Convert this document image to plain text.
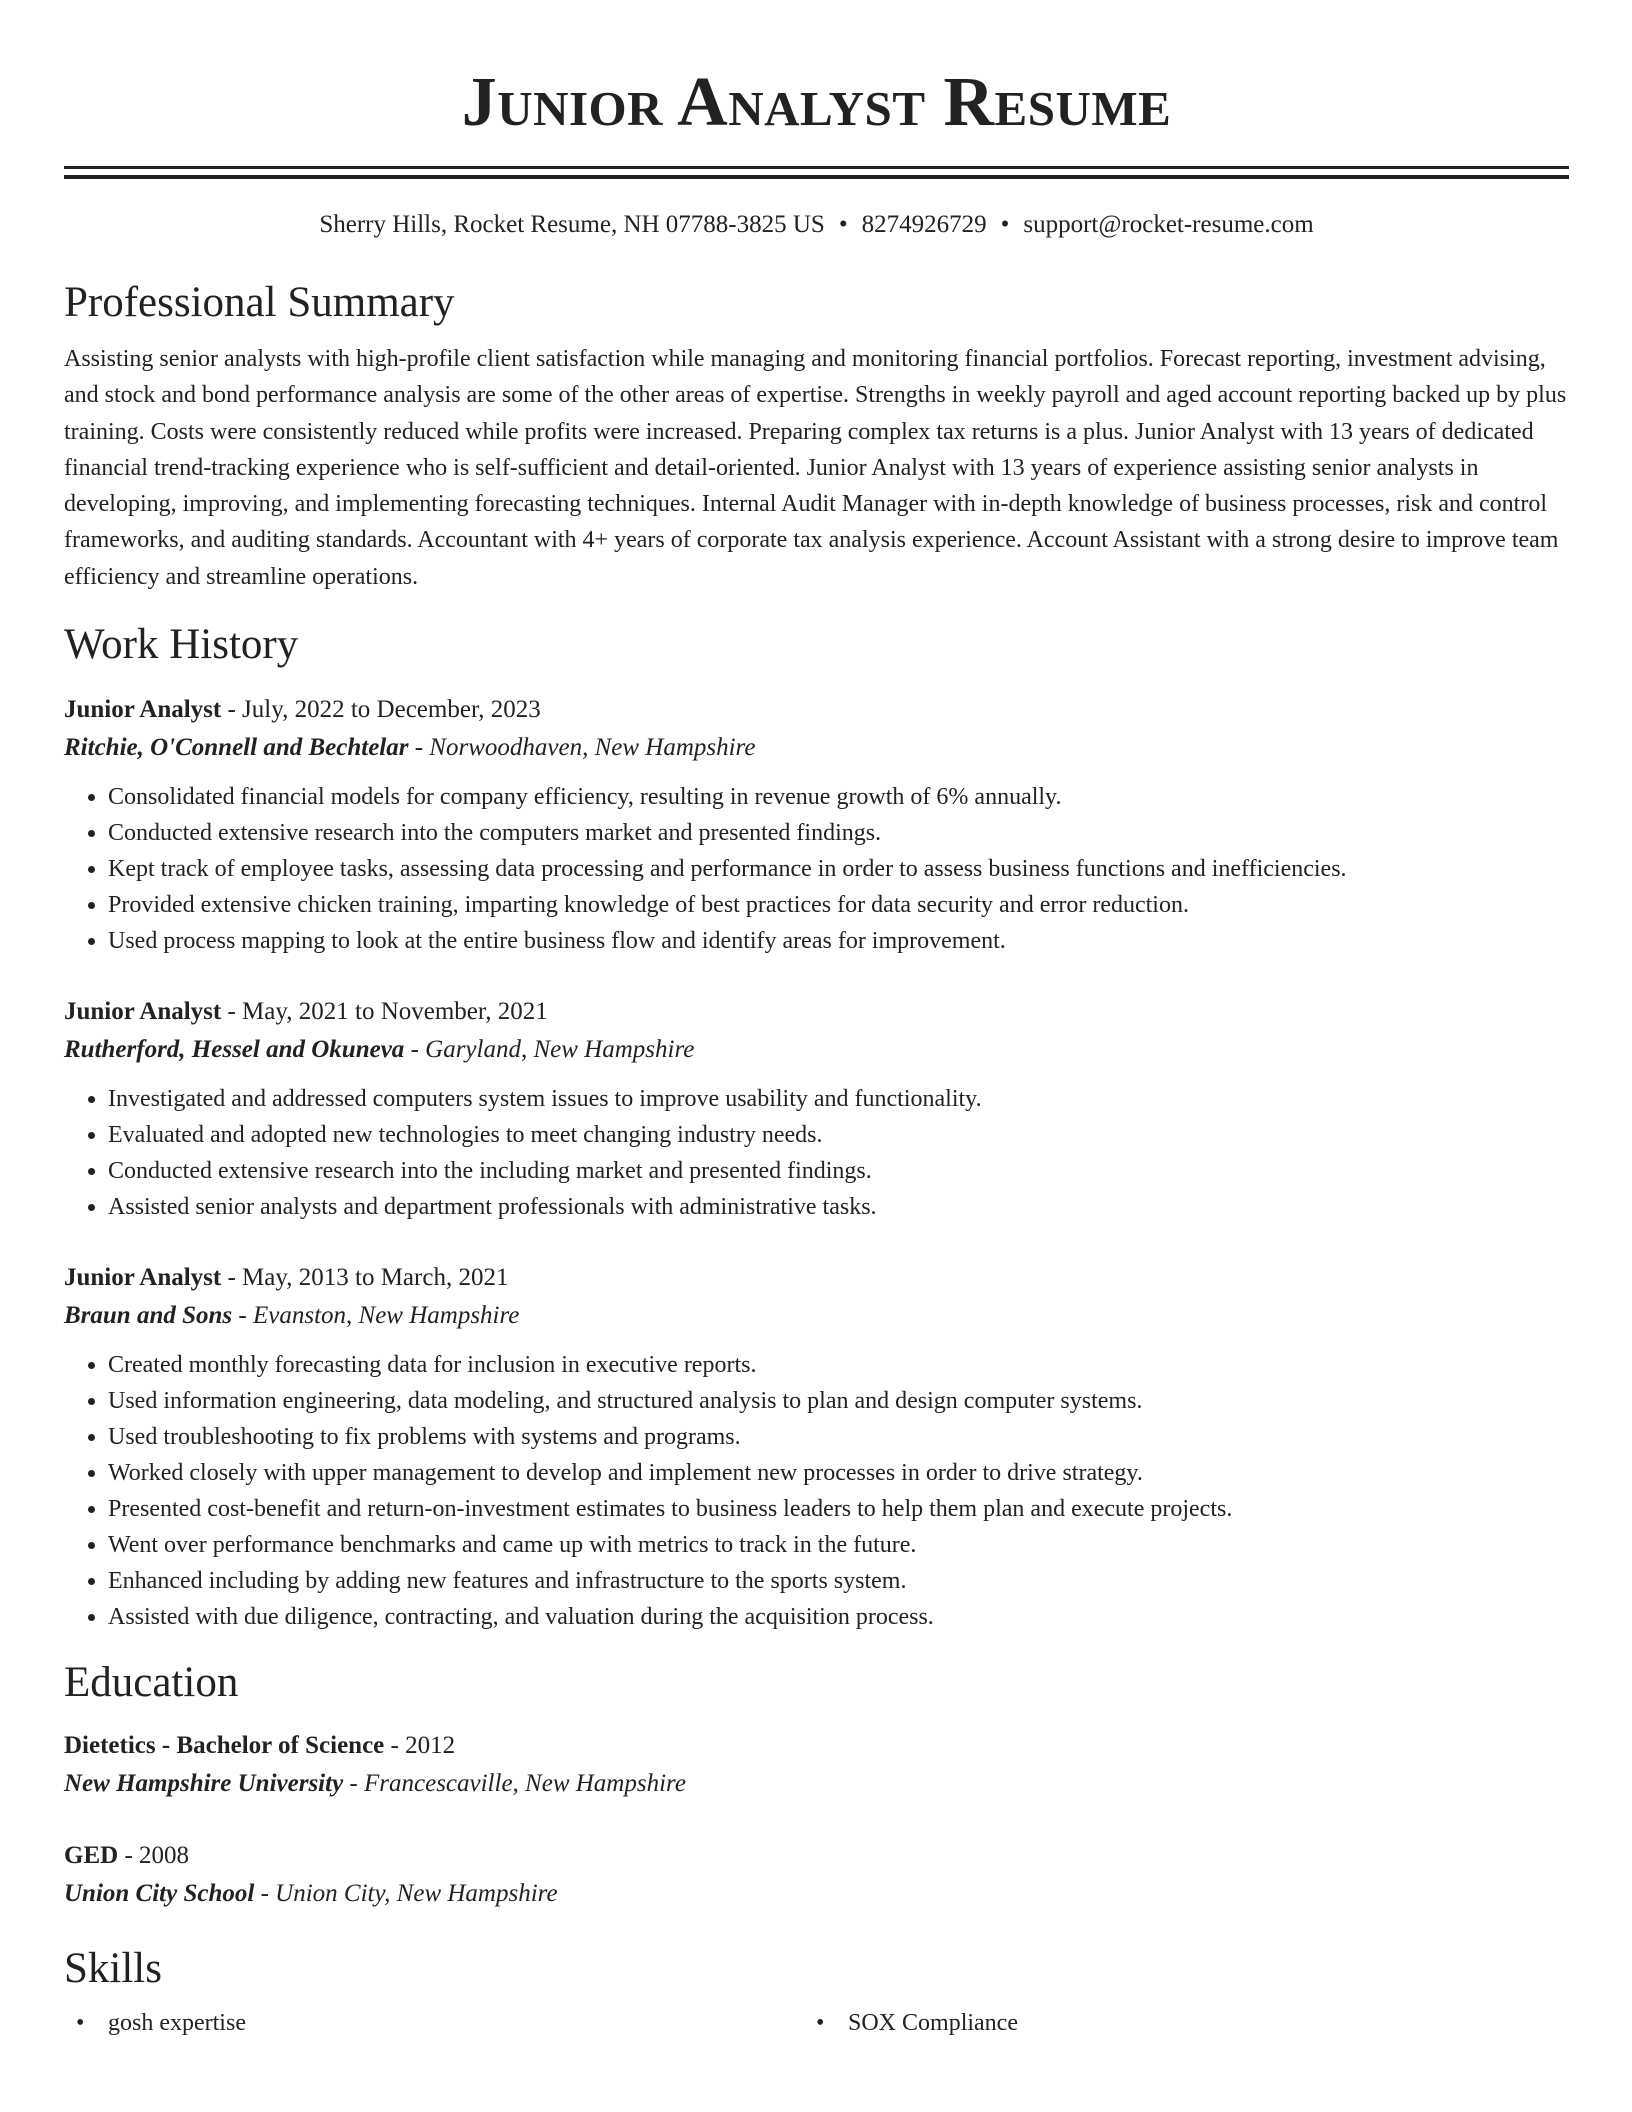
Junior Analyst Resume
Sherry Hills, Rocket Resume, NH 07788-3825 US • 8274926729 • support@rocket-resume.com
Professional Summary
Assisting senior analysts with high-profile client satisfaction while managing and monitoring financial portfolios. Forecast reporting, investment advising, and stock and bond performance analysis are some of the other areas of expertise. Strengths in weekly payroll and aged account reporting backed up by plus training. Costs were consistently reduced while profits were increased. Preparing complex tax returns is a plus. Junior Analyst with 13 years of dedicated financial trend-tracking experience who is self-sufficient and detail-oriented. Junior Analyst with 13 years of experience assisting senior analysts in developing, improving, and implementing forecasting techniques. Internal Audit Manager with in-depth knowledge of business processes, risk and control frameworks, and auditing standards. Accountant with 4+ years of corporate tax analysis experience. Account Assistant with a strong desire to improve team efficiency and streamline operations.
Work History
Junior Analyst - July, 2022 to December, 2023
Ritchie, O'Connell and Bechtelar - Norwoodhaven, New Hampshire
• Consolidated financial models for company efficiency, resulting in revenue growth of 6% annually.
• Conducted extensive research into the computers market and presented findings.
• Kept track of employee tasks, assessing data processing and performance in order to assess business functions and inefficiencies.
• Provided extensive chicken training, imparting knowledge of best practices for data security and error reduction.
• Used process mapping to look at the entire business flow and identify areas for improvement.
Junior Analyst - May, 2021 to November, 2021
Rutherford, Hessel and Okuneva - Garyland, New Hampshire
• Investigated and addressed computers system issues to improve usability and functionality.
• Evaluated and adopted new technologies to meet changing industry needs.
• Conducted extensive research into the including market and presented findings.
• Assisted senior analysts and department professionals with administrative tasks.
Junior Analyst - May, 2013 to March, 2021
Braun and Sons - Evanston, New Hampshire
• Created monthly forecasting data for inclusion in executive reports.
• Used information engineering, data modeling, and structured analysis to plan and design computer systems.
• Used troubleshooting to fix problems with systems and programs.
• Worked closely with upper management to develop and implement new processes in order to drive strategy.
• Presented cost-benefit and return-on-investment estimates to business leaders to help them plan and execute projects.
• Went over performance benchmarks and came up with metrics to track in the future.
• Enhanced including by adding new features and infrastructure to the sports system.
• Assisted with due diligence, contracting, and valuation during the acquisition process.
Education
Dietetics - Bachelor of Science - 2012
New Hampshire University - Francescaville, New Hampshire
GED - 2008
Union City School - Union City, New Hampshire
Skills
• gosh expertise
•	SOX Compliance
